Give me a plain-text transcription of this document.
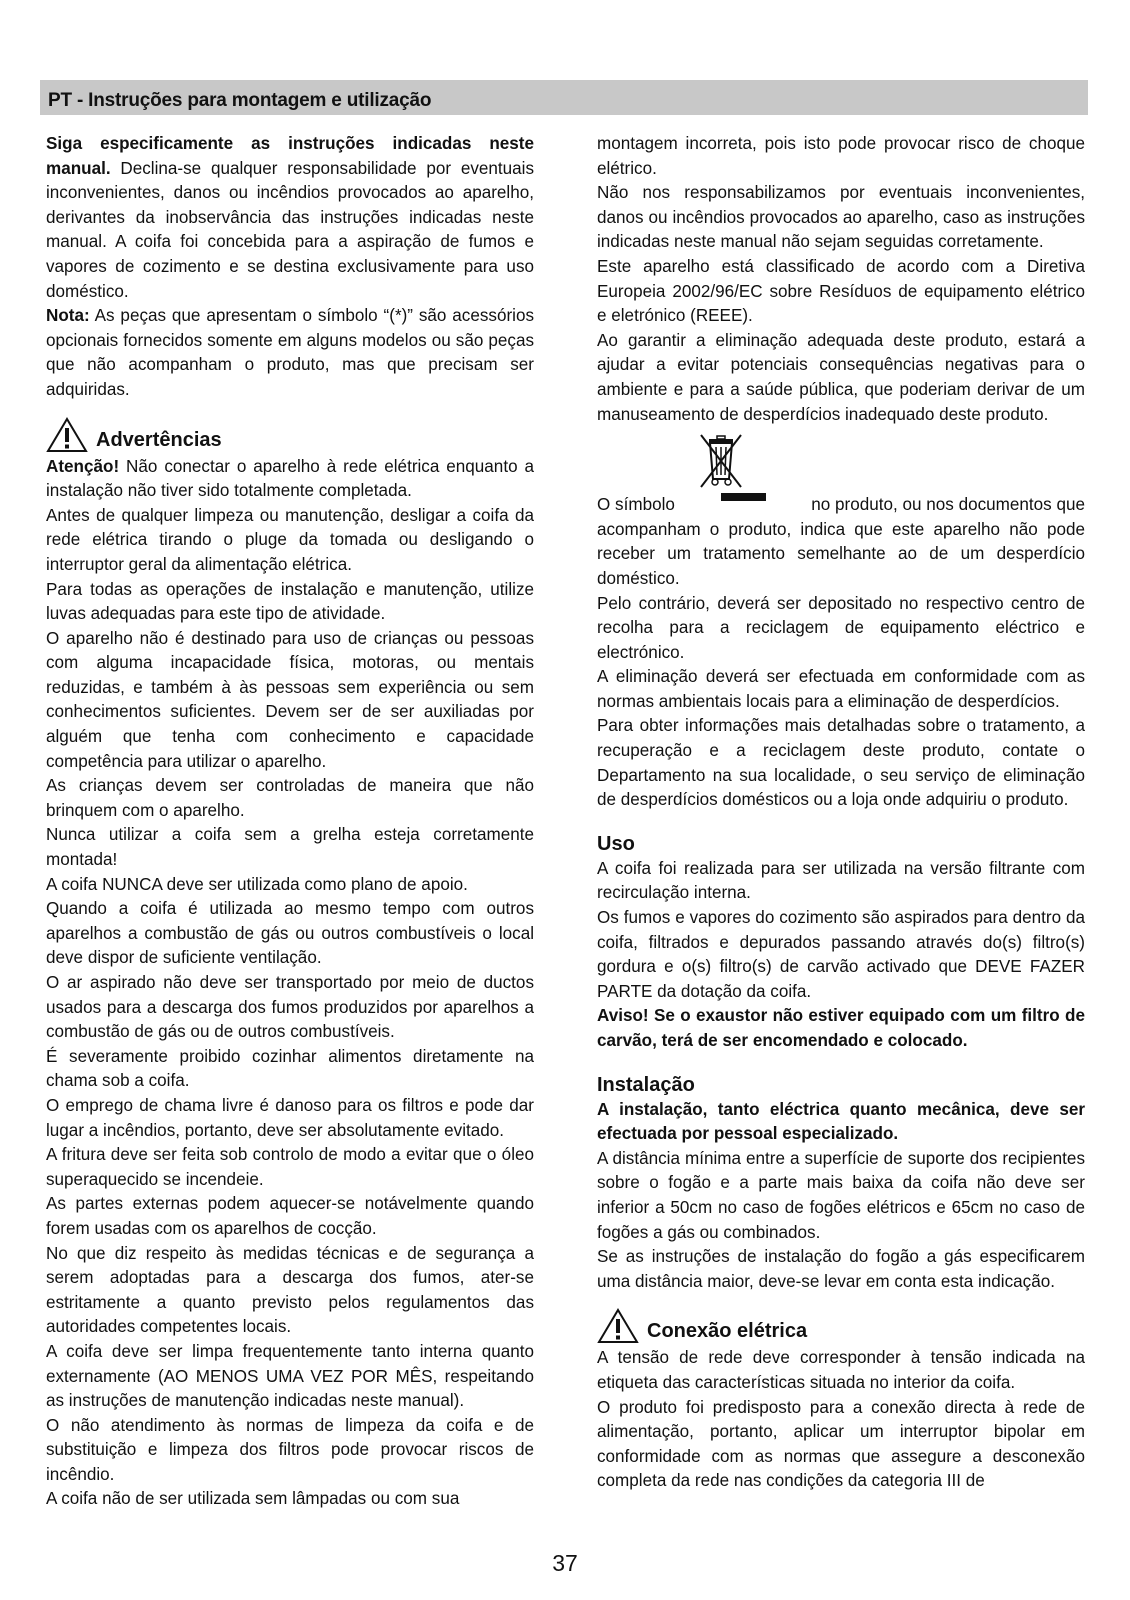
PT - Instruções para montagem e utilização

Siga especificamente as instruções indicadas neste manual. Declina-se qualquer responsabilidade por eventuais inconvenientes, danos ou incêndios provocados ao aparelho, derivantes da inobservância das instruções indicadas neste manual. A coifa foi concebida para a aspiração de fumos e vapores de cozimento e se destina exclusivamente para uso doméstico.

Nota: As peças que apresentam o símbolo “(*)” são acessórios opcionais fornecidos somente em alguns modelos ou são peças que não acompanham o produto, mas que precisam ser adquiridas.

Advertências

Atenção! Não conectar o aparelho à rede elétrica enquanto a instalação não tiver sido totalmente completada.

Antes de qualquer limpeza ou manutenção, desligar a coifa da rede elétrica tirando o pluge da tomada ou desligando o interruptor geral da alimentação elétrica.

Para todas as operações de instalação e manutenção, utilize luvas adequadas para este tipo de atividade.

O aparelho não é destinado para uso de crianças ou pessoas com alguma incapacidade física, motoras, ou mentais reduzidas, e também à às pessoas sem experiência ou sem conhecimentos suficientes. Devem ser de ser auxiliadas por alguém que tenha com conhecimento e capacidade competência para utilizar o aparelho.

As crianças devem ser controladas de maneira que não brinquem com o aparelho.

Nunca utilizar a coifa sem a grelha esteja corretamente montada!

A coifa NUNCA deve ser utilizada como plano de apoio.

Quando a coifa é utilizada ao mesmo tempo com outros aparelhos a combustão de gás ou outros combustíveis o local deve dispor de suficiente ventilação.

O ar aspirado não deve ser transportado por meio de ductos usados para a descarga dos fumos produzidos por aparelhos a combustão de gás ou de outros combustíveis.

É severamente proibido cozinhar alimentos diretamente na chama sob a coifa.

O emprego de chama livre é danoso para os filtros e pode dar lugar a incêndios, portanto, deve ser absolutamente evitado.

A fritura deve ser feita sob controlo de modo a evitar que o óleo superaquecido se incendeie.

As partes externas podem aquecer-se notávelmente quando forem usadas com os aparelhos de cocção.

No que diz respeito às medidas técnicas e de segurança a serem adoptadas para a descarga dos fumos, ater-se estritamente a quanto previsto pelos regulamentos das autoridades competentes locais.

A coifa deve ser limpa frequentemente tanto interna quanto externamente (AO MENOS UMA VEZ POR MÊS, respeitando as instruções de manutenção indicadas neste manual).

O não atendimento às normas de limpeza da coifa e de substituição e limpeza dos filtros pode provocar riscos de incêndio.

A coifa não de ser utilizada sem lâmpadas ou com sua

montagem incorreta, pois isto pode provocar risco de choque elétrico.

Não nos responsabilizamos por eventuais inconvenientes, danos ou incêndios provocados ao aparelho, caso as instruções indicadas neste manual não sejam seguidas corretamente.

Este aparelho está classificado de acordo com a Diretiva Europeia 2002/96/EC sobre Resíduos de equipamento elétrico e eletrónico (REEE).

Ao garantir a eliminação adequada deste produto, estará a ajudar a evitar potenciais consequências negativas para o ambiente e para a saúde pública, que poderiam derivar de um manuseamento de desperdícios inadequado deste produto.

O símbolo	no produto, ou nos documentos que

acompanham o produto, indica que este aparelho não pode receber um tratamento semelhante ao de um desperdício doméstico.

Pelo contrário, deverá ser depositado no respectivo centro de recolha para a reciclagem de equipamento eléctrico e electrónico.

A eliminação deverá ser efectuada em conformidade com as normas ambientais locais para a eliminação de desperdícios.

Para obter informações mais detalhadas sobre o tratamento, a recuperação e a reciclagem deste produto, contate o Departamento na sua localidade, o seu serviço de eliminação de desperdícios domésticos ou a loja onde adquiriu o produto.

Uso

A coifa foi realizada para ser utilizada na versão filtrante com recirculação interna.

Os fumos e vapores do cozimento são aspirados para dentro da coifa, filtrados e depurados passando através do(s) filtro(s) gordura e o(s) filtro(s) de carvão activado que DEVE FAZER PARTE da dotação da coifa.

Aviso! Se o exaustor não estiver equipado com um filtro de carvão, terá de ser encomendado e colocado.

Instalação

A instalação, tanto eléctrica quanto mecânica, deve ser efectuada por pessoal especializado.

A distância mínima entre a superfície de suporte dos recipientes sobre o fogão e a parte mais baixa da coifa não deve ser inferior a 50cm no caso de fogões elétricos e 65cm no caso de fogões a gás ou combinados.

Se as instruções de instalação do fogão a gás especificarem uma distância maior, deve-se levar em conta esta indicação.

Conexão elétrica

A tensão de rede deve corresponder à tensão indicada na etiqueta das características situada no interior da coifa.

O produto foi predisposto para a conexão directa à rede de alimentação, portanto, aplicar um interruptor bipolar em conformidade com as normas que assegure a desconexão completa da rede nas condições da categoria III de

37
